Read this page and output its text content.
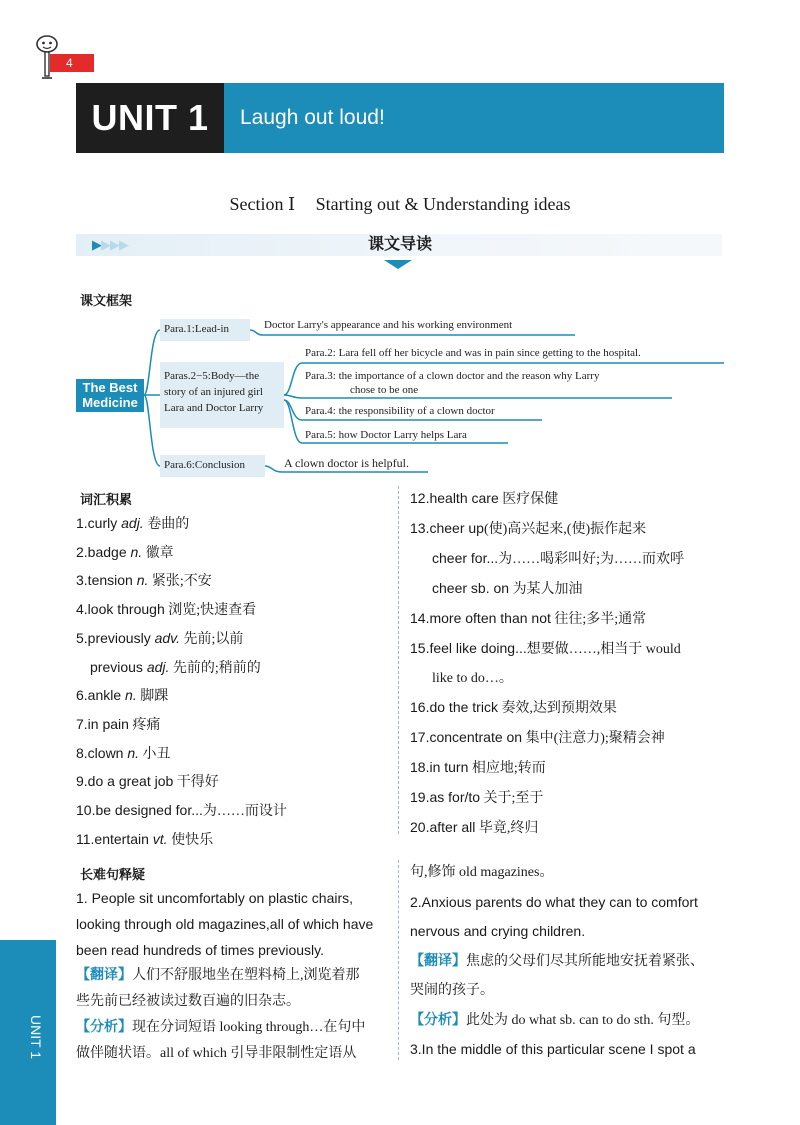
4
UNIT 1	Laugh out loud!
Section Ⅰ Starting out & Understanding ideas
▶▶▶▶	课文导读
课文框架
The Best
Medicine
Para.1:Lead-in	Doctor Larry's appearance and his working environment
Paras.2−5:Body—the
story of an injured girl
Lara and Doctor Larry
Para.2: Lara fell off her bicycle and was in pain since getting to the hospital.
Para.3: the importance of a clown doctor and the reason why Larry
chose to be one
Para.4: the responsibility of a clown doctor
Para.5: how Doctor Larry helps Lara
Para.6:Conclusion	A clown doctor is helpful.
词汇积累
1.curly adj. 卷曲的
2.badge n. 徽章
3.tension n. 紧张;不安
4.look through 浏览;快速查看
5.previously adv. 先前;以前
previous adj. 先前的;稍前的
6.ankle n. 脚踝
7.in pain 疼痛
8.clown n. 小丑
9.do a great job 干得好
10.be designed for...为……而设计
11.entertain vt. 使快乐
12.health care 医疗保健
13.cheer up(使)高兴起来,(使)振作起来
cheer for...为……喝彩叫好;为……而欢呼
cheer sb. on 为某人加油
14.more often than not 往往;多半;通常
15.feel like doing...想要做……,相当于 would
like to do…。
16.do the trick 奏效,达到预期效果
17.concentrate on 集中(注意力);聚精会神
18.in turn 相应地;转而
19.as for/to 关于;至于
20.after all 毕竟,终归
长难句释疑
1. People sit uncomfortably on plastic chairs,
looking through old magazines,all of which have
been read hundreds of times previously.
【翻译】人们不舒服地坐在塑料椅上,浏览着那
些先前已经被读过数百遍的旧杂志。
【分析】现在分词短语 looking through…在句中
做伴随状语。all of which 引导非限制性定语从
句,修饰 old magazines。
2.Anxious parents do what they can to comfort
nervous and crying children.
【翻译】焦虑的父母们尽其所能地安抚着紧张、
哭闹的孩子。
【分析】此处为 do what sb. can to do sth. 句型。
3.In the middle of this particular scene I spot a
UNIT 1
